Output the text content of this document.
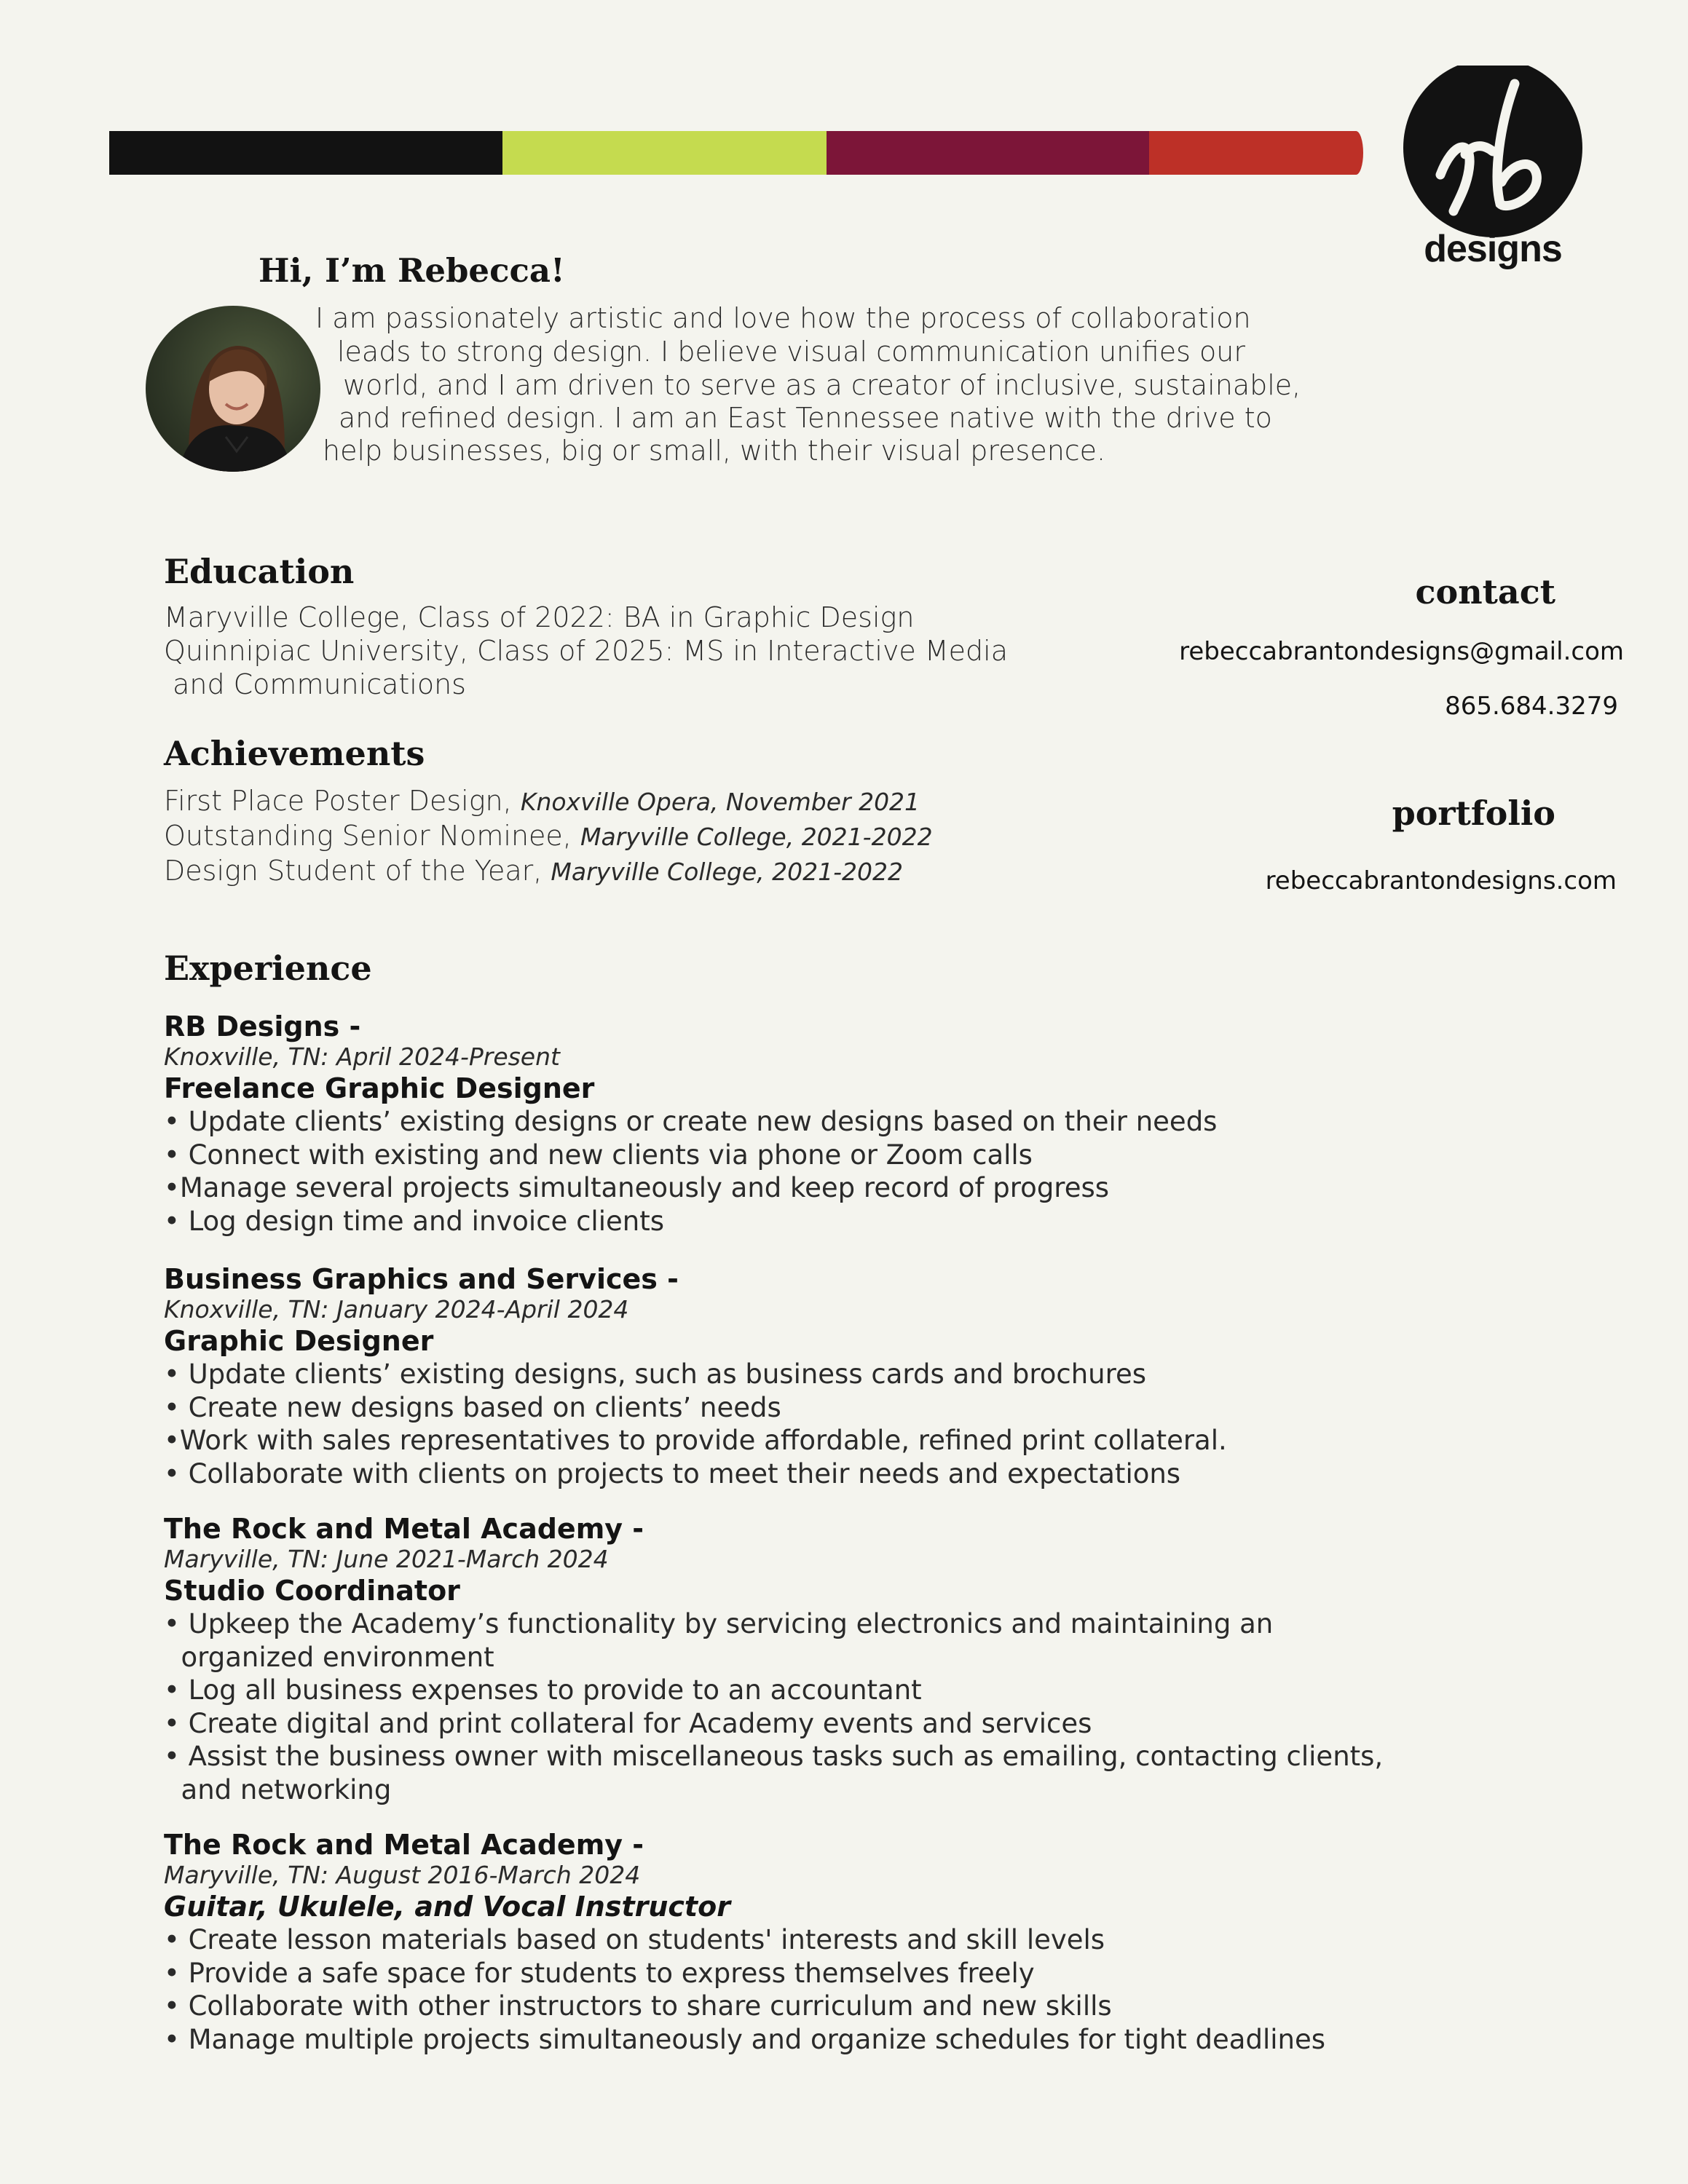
designs
Hi, I’m Rebecca!
I am passionately artistic and love how the process of collaboration
leads to strong design. I believe visual communication unifies our
world, and I am driven to serve as a creator of inclusive, sustainable,
and refined design. I am an East Tennessee native with the drive to
help businesses, big or small, with their visual presence.
Education
Maryville College, Class of 2022: BA in Graphic Design
Quinnipiac University, Class of 2025: MS in Interactive Media
and Communications
Achievements
First Place Poster Design, Knoxville Opera, November 2021
Outstanding Senior Nominee, Maryville College, 2021-2022
Design Student of the Year, Maryville College, 2021-2022
contact
rebeccabrantondesigns@gmail.com
865.684.3279
portfolio
rebeccabrantondesigns.com
Experience
RB Designs -
Knoxville, TN: April 2024-Present
Freelance Graphic Designer
• Update clients’ existing designs or create new designs based on their needs
• Connect with existing and new clients via phone or Zoom calls
•Manage several projects simultaneously and keep record of progress
• Log design time and invoice clients
Business Graphics and Services -
Knoxville, TN: January 2024-April 2024
Graphic Designer
• Update clients’ existing designs, such as business cards and brochures
• Create new designs based on clients’ needs
•Work with sales representatives to provide affordable, refined print collateral.
• Collaborate with clients on projects to meet their needs and expectations
The Rock and Metal Academy -
Maryville, TN: June 2021-March 2024
Studio Coordinator
• Upkeep the Academy’s functionality by servicing electronics and maintaining an
organized environment
• Log all business expenses to provide to an accountant
• Create digital and print collateral for Academy events and services
• Assist the business owner with miscellaneous tasks such as emailing, contacting clients,
and networking
The Rock and Metal Academy -
Maryville, TN: August 2016-March 2024
Guitar, Ukulele, and Vocal Instructor
• Create lesson materials based on students' interests and skill levels
• Provide a safe space for students to express themselves freely
• Collaborate with other instructors to share curriculum and new skills
• Manage multiple projects simultaneously and organize schedules for tight deadlines
